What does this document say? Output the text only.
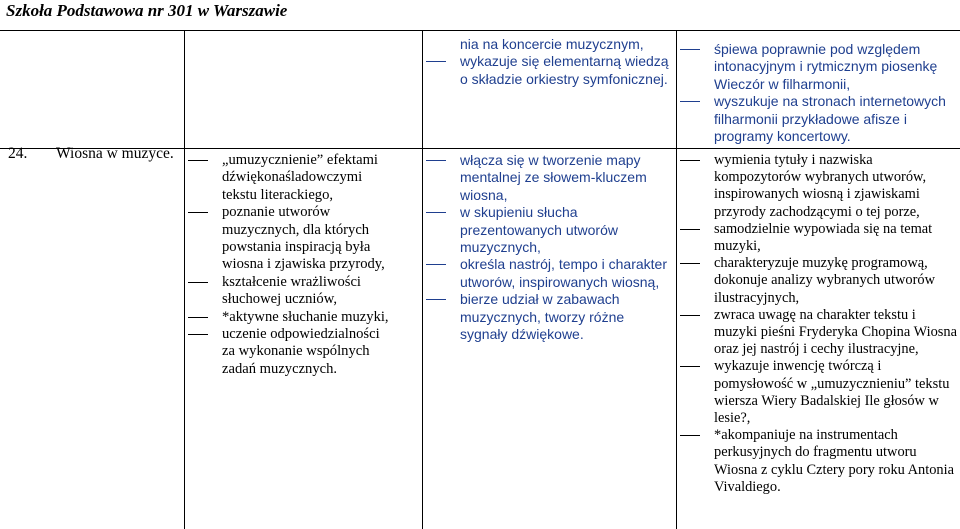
Szkoła Podstawowa nr 301 w Warszawie
24. Wiosna w muzyce.	„umuzycznienie” efektami dźwiękonaśladowczymi tekstu literackiego,
poznanie utworów muzycznych, dla których powstania inspiracją była wiosna i zjawiska przyrody,
kształcenie wrażliwości słuchowej uczniów,
*aktywne słuchanie muzyki,
uczenie odpowiedzialności za wykonanie wspólnych zadań muzycznych.
nia na koncercie muzycznym,
wykazuje się elementarną wiedzą o składzie orkiestry symfonicznej.
włącza się w tworzenie mapy mentalnej ze słowem-kluczem wiosna,
w skupieniu słucha prezentowanych utworów muzycznych,
określa nastrój, tempo i charakter utworów, inspirowanych wiosną,
bierze udział w zabawach muzycznych, tworzy różne sygnały dźwiękowe.
śpiewa poprawnie pod względem intonacyjnym i rytmicznym piosenkę Wieczór w filharmonii,
wyszukuje na stronach internetowych filharmonii przykładowe afisze i programy koncertowy.
wymienia tytuły i nazwiska kompozytorów wybranych utworów, inspirowanych wiosną i zjawiskami przyrody zachodzącymi o tej porze,
samodzielnie wypowiada się na temat muzyki,
charakteryzuje muzykę programową, dokonuje analizy wybranych utworów ilustracyjnych,
zwraca uwagę na charakter tekstu i muzyki pieśni Fryderyka Chopina Wiosna oraz jej nastrój i cechy ilustracyjne,
wykazuje inwencję twórczą i pomysłowość w „umuzycznieniu” tekstu wiersza Wiery Badalskiej Ile głosów w lesie?,
*akompaniuje na instrumentach perkusyjnych do fragmentu utworu Wiosna z cyklu Cztery pory roku Antonia Vivaldiego.
